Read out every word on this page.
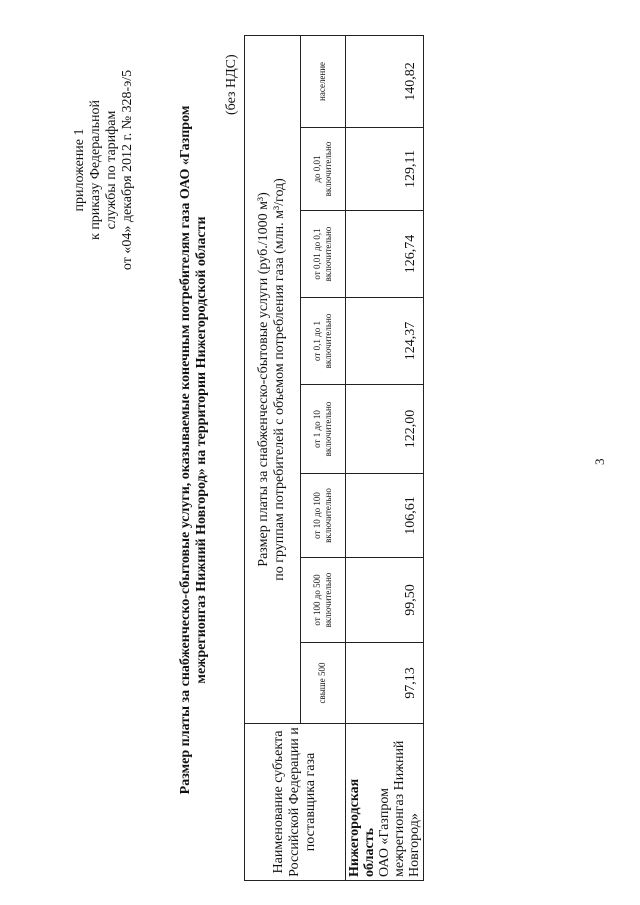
приложение 1 к приказу Федеральной службы по тарифам от «04» декабря 2012 г. № 328-э/5	Размер платы за снабженческо-сбытовые услуги, оказываемые конечным потребителям газа ОАО «Газпром межрегионгаз Нижний Новгород» на территории Нижегородской области
(без НДС)
Наименование субъекта Российской Федерации и поставщика газа	Размер платы за снабженческо-сбытовые услуги (руб./1000 м³) по группам потребителей с объемом потребления газа (млн. м³/год)							

	свыше 500	от 100 до 500 включительно	от 10 до 100 включительно	от 1 до 10 включительно	от 0,1 до 1 включительно	от 0,01 до 0,1 включительно	до 0,01 включительно	население
Нижегородская область
ОАО «Газпром межрегионгаз Нижний Новгород»	97,13	99,50	106,61	122,00	124,37	126,74	129,11	140,82
3
